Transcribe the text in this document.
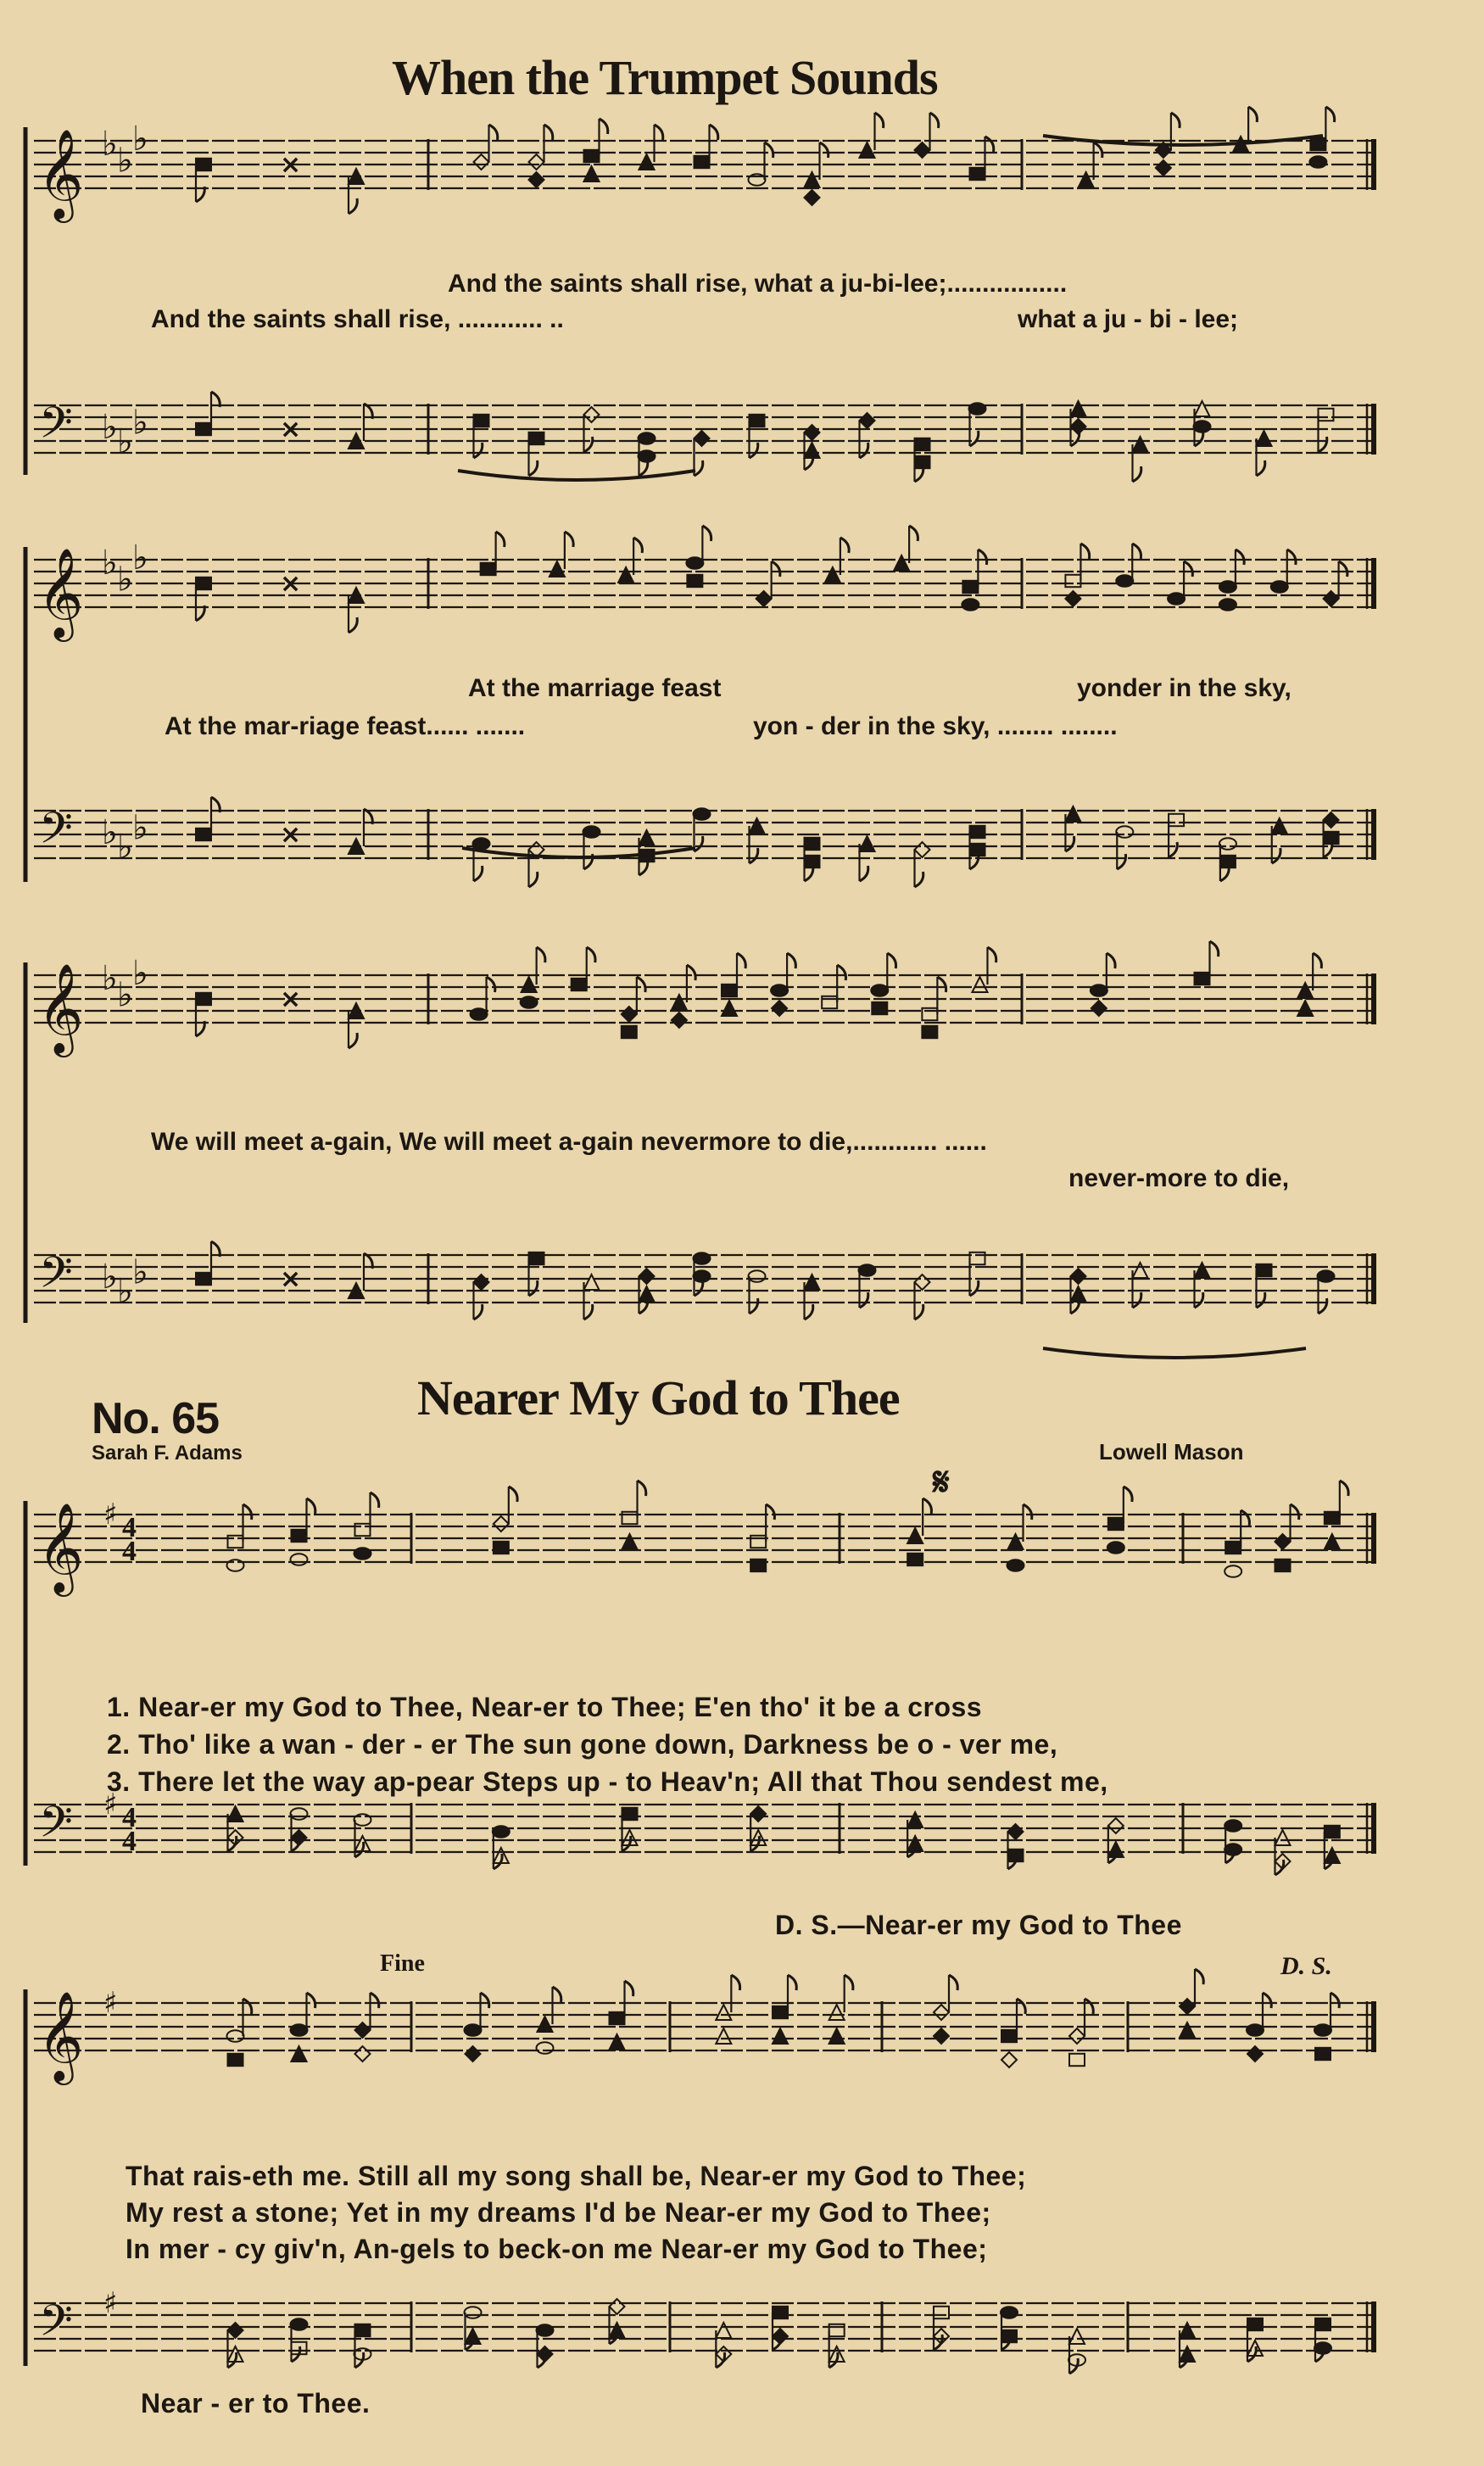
𝄞 ♭ ♭
♭
×
𝄢 ♭ ♭ ♭	×
𝄞 ♭ ♭
♭
×
𝄢 ♭ ♭ ♭	×
𝄞 ♭ ♭
♭
×
𝄢 ♭ ♭ ♭	×
𝄞 ♯ 4
4
𝄢 ♯ 4
4
𝄞 ♯
𝄢 ♯
When the Trumpet Sounds
And the saints shall rise, what a ju-bi-lee;.................
And the saints shall rise, ............ ..	what a ju - bi - lee;
At the marriage feast	yonder in the sky,
At the mar-riage feast...... .......	yon - der in the sky, ........ ........
We will meet a-gain, We will meet a-gain nevermore to die,............ ......
never-more to die,
No. 65	Nearer My God to Thee
Sarah F. Adams	Lowell Mason
𝄋
1. Near-er my God to Thee, Near-er to Thee; E'en tho' it be a cross
2. Tho' like a wan - der - er The sun gone down, Darkness be o - ver me,
3. There let the way ap-pear Steps up - to Heav'n; All that Thou sendest me,
D. S.—Near-er my God to Thee
Fine	D. S.
That rais-eth me. Still all my song shall be, Near-er my God to Thee;
My rest a stone; Yet in my dreams I'd be Near-er my God to Thee;
In mer - cy giv'n, An-gels to beck-on me Near-er my God to Thee;
Near - er to Thee.
